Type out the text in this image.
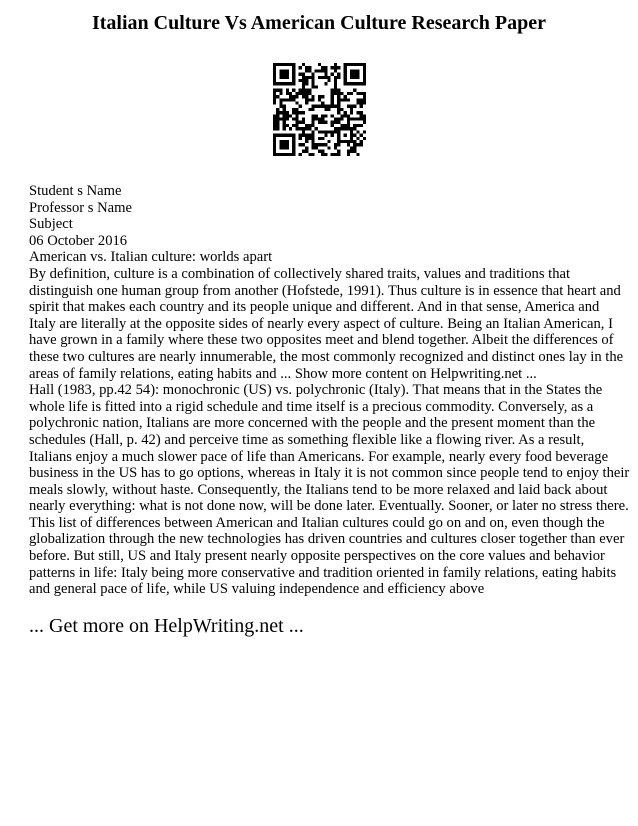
Italian Culture Vs American Culture Research Paper
Student s Name
Professor s Name
Subject
06 October 2016
American vs. Italian culture: worlds apart
By definition, culture is a combination of collectively shared traits, values and traditions that
distinguish one human group from another (Hofstede, 1991). Thus culture is in essence that heart and
spirit that makes each country and its people unique and different. And in that sense, America and
Italy are literally at the opposite sides of nearly every aspect of culture. Being an Italian American, I
have grown in a family where these two opposites meet and blend together. Albeit the differences of
these two cultures are nearly innumerable, the most commonly recognized and distinct ones lay in the
areas of family relations, eating habits and ... Show more content on Helpwriting.net ...
Hall (1983, pp.42 54): monochronic (US) vs. polychronic (Italy). That means that in the States the
whole life is fitted into a rigid schedule and time itself is a precious commodity. Conversely, as a
polychronic nation, Italians are more concerned with the people and the present moment than the
schedules (Hall, p. 42) and perceive time as something flexible like a flowing river. As a result,
Italians enjoy a much slower pace of life than Americans. For example, nearly every food beverage
business in the US has to go options, whereas in Italy it is not common since people tend to enjoy their
meals slowly, without haste. Consequently, the Italians tend to be more relaxed and laid back about
nearly everything: what is not done now, will be done later. Eventually. Sooner, or later no stress there.
This list of differences between American and Italian cultures could go on and on, even though the
globalization through the new technologies has driven countries and cultures closer together than ever
before. But still, US and Italy present nearly opposite perspectives on the core values and behavior
patterns in life: Italy being more conservative and tradition oriented in family relations, eating habits
and general pace of life, while US valuing independence and efficiency above
... Get more on HelpWriting.net ...
